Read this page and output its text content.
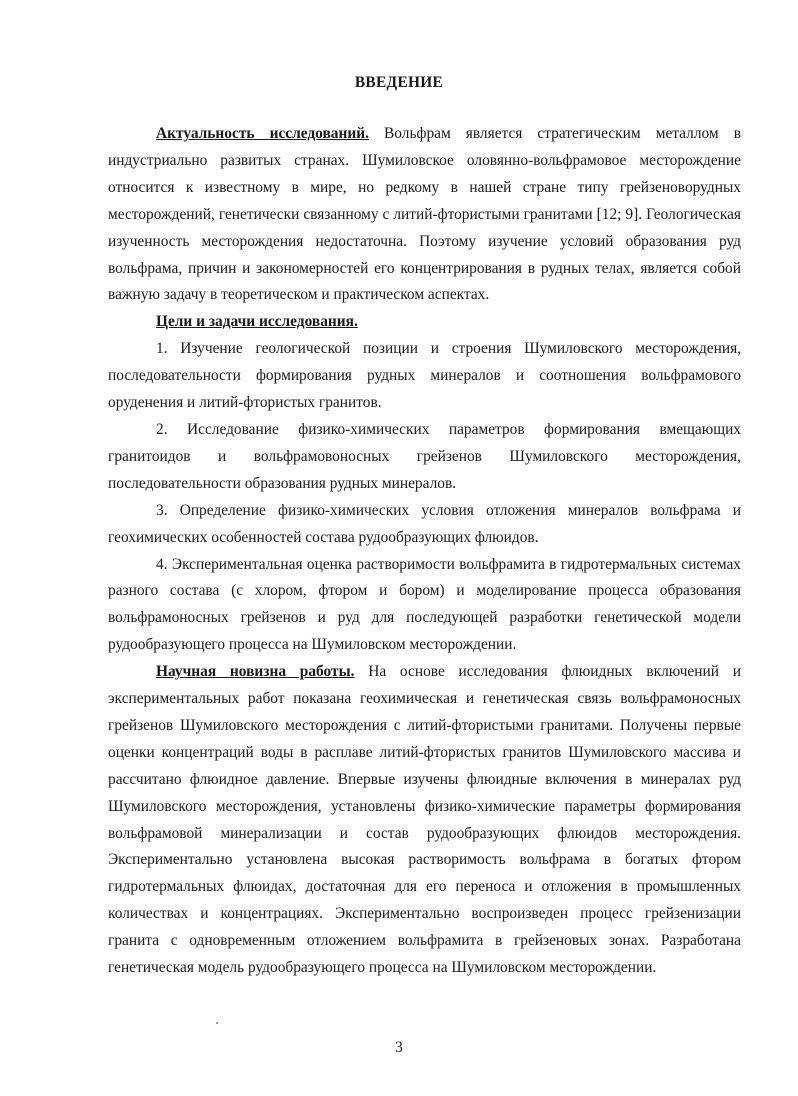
ВВЕДЕНИЕ

Актуальность исследований. Вольфрам является стратегическим металлом в индустриально развитых странах. Шумиловское оловянно-вольфрамовое месторождение относится к известному в мире, но редкому в нашей стране типу грейзеноворудных месторождений, генетически связанному с литий-фтористыми гранитами [12; 9]. Геологическая изученность месторождения недостаточна. Поэтому изучение условий образования руд вольфрама, причин и закономерностей его концентрирования в рудных телах, является собой важную задачу в теоретическом и практическом аспектах.

Цели и задачи исследования.

1. Изучение геологической позиции и строения Шумиловского месторождения, последовательности формирования рудных минералов и соотношения вольфрамового оруденения и литий-фтористых гранитов.

2. Исследование физико-химических параметров формирования вмещающих гранитоидов и вольфрамовоносных грейзенов Шумиловского месторождения, последовательности образования рудных минералов.

3. Определение физико-химических условия отложения минералов вольфрама и геохимических особенностей состава рудообразующих флюидов.

4. Экспериментальная оценка растворимости вольфрамита в гидротермальных системах разного состава (с хлором, фтором и бором) и моделирование процесса образования вольфрамоносных грейзенов и руд для последующей разработки генетической модели рудообразующего процесса на Шумиловском месторождении.

Научная новизна работы. На основе исследования флюидных включений и экспериментальных работ показана геохимическая и генетическая связь вольфрамоносных грейзенов Шумиловского месторождения с литий-фтористыми гранитами. Получены первые оценки концентраций воды в расплаве литий-фтористых гранитов Шумиловского массива и рассчитано флюидное давление. Впервые изучены флюидные включения в минералах руд Шумиловского месторождения, установлены физико-химические параметры формирования вольфрамовой минерализации и состав рудообразующих флюидов месторождения. Экспериментально установлена высокая растворимость вольфрама в богатых фтором гидротермальных флюидах, достаточная для его переноса и отложения в промышленных количествах и концентрациях. Экспериментально воспроизведен процесс грейзенизации гранита с одновременным отложением вольфрамита в грейзеновых зонах. Разработана генетическая модель рудообразующего процесса на Шумиловском месторождении.

3
